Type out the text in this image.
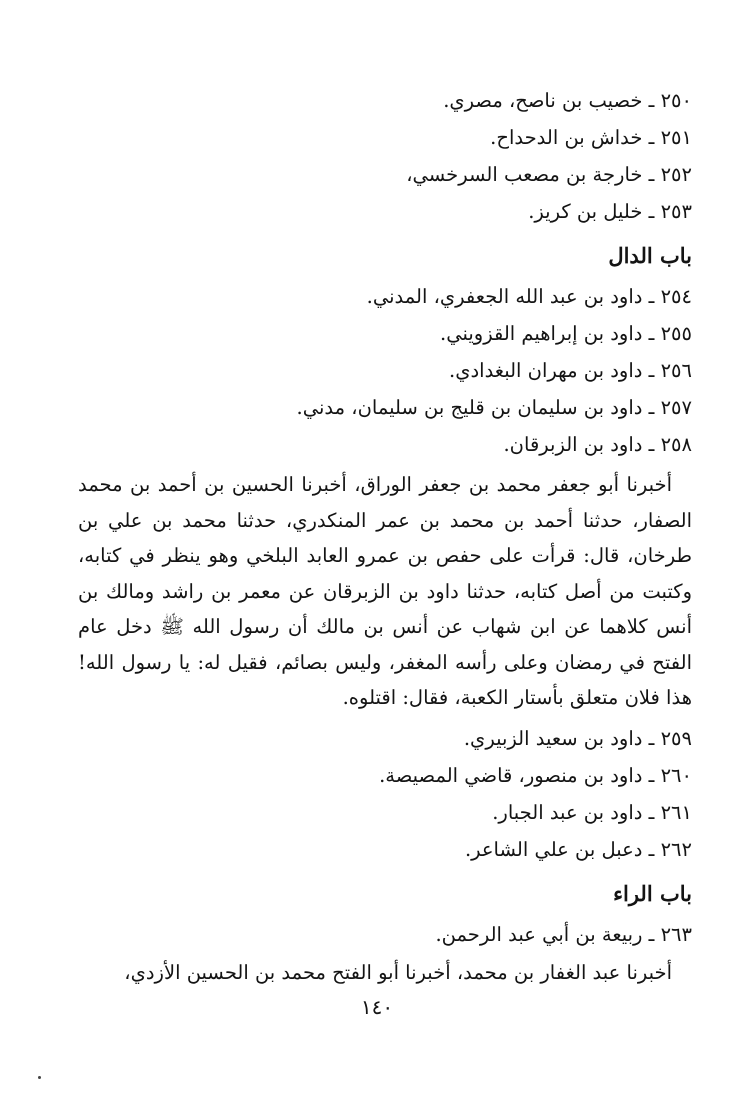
٢٥٠ ـ خصيب بن ناصح، مصري.
٢٥١ ـ خداش بن الدحداح.
٢٥٢ ـ خارجة بن مصعب السرخسي،
٢٥٣ ـ خليل بن كريز.
باب الدال
٢٥٤ ـ داود بن عبد الله الجعفري، المدني.
٢٥٥ ـ داود بن إبراهيم القزويني.
٢٥٦ ـ داود بن مهران البغدادي.
٢٥٧ ـ داود بن سليمان بن قليج بن سليمان، مدني.
٢٥٨ ـ داود بن الزبرقان.

أخبرنا أبو جعفر محمد بن جعفر الوراق، أخبرنا الحسين بن أحمد بن محمد الصفار، حدثنا أحمد بن محمد بن عمر المنكدري، حدثنا محمد بن علي بن طرخان، قال: قرأت على حفص بن عمرو العابد البلخي وهو ينظر في كتابه، وكتبت من أصل كتابه، حدثنا داود بن الزبرقان عن معمر بن راشد ومالك بن أنس كلاهما عن ابن شهاب عن أنس بن مالك أن رسول الله ﷺ دخل عام الفتح في رمضان وعلى رأسه المغفر، وليس بصائم، فقيل له: يا رسول الله! هذا فلان متعلق بأستار الكعبة، فقال: اقتلوه.

٢٥٩ ـ داود بن سعيد الزبيري.
٢٦٠ ـ داود بن منصور، قاضي المصيصة.
٢٦١ ـ داود بن عبد الجبار.
٢٦٢ ـ دعبل بن علي الشاعر.
باب الراء
٢٦٣ ـ ربيعة بن أبي عبد الرحمن.
أخبرنا عبد الغفار بن محمد، أخبرنا أبو الفتح محمد بن الحسين الأزدي،
١٤٠
